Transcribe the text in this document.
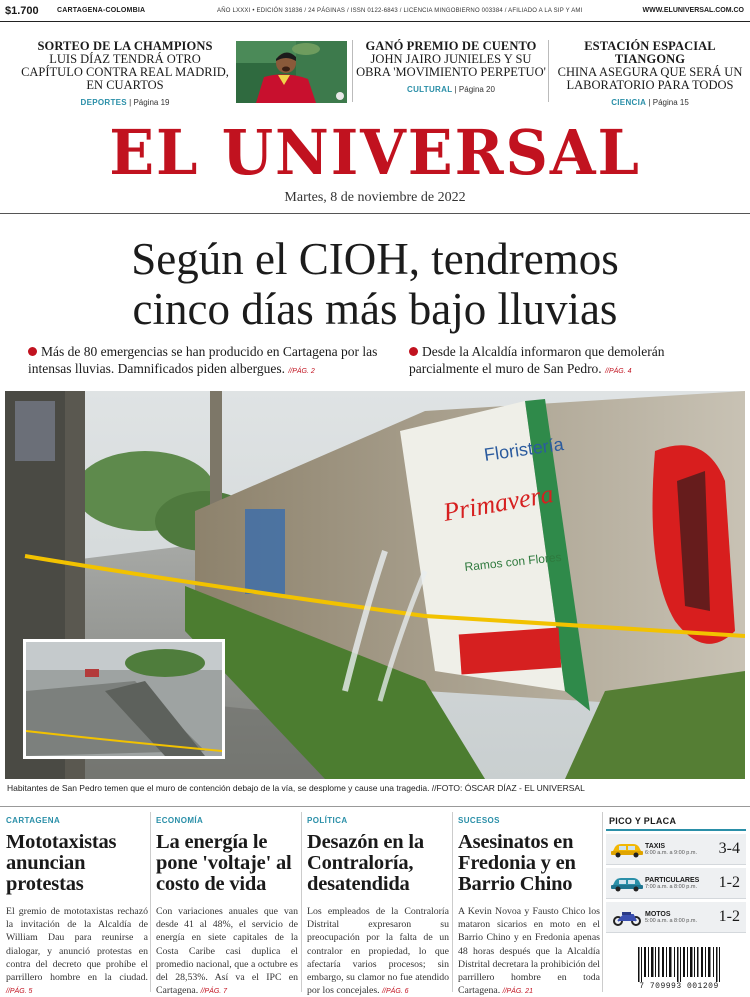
$1.700	CARTAGENA-COLOMBIA	AÑO LXXXI • EDICIÓN 31836 / 24 PÁGINAS / ISSN 0122-6843 / LICENCIA MINGOBIERNO 003384 / AFILIADO A LA SIP Y AMI	WWW.ELUNIVERSAL.COM.CO
SORTEO DE LA CHAMPIONS
LUIS DÍAZ TENDRÁ OTRO CAPÍTULO CONTRA REAL MADRID, EN CUARTOS
DEPORTES | Página 19
GANÓ PREMIO DE CUENTO
JOHN JAIRO JUNIELES Y SU OBRA 'MOVIMIENTO PERPETUO'
CULTURAL | Página 20
ESTACIÓN ESPACIAL TIANGONG
CHINA ASEGURA QUE SERÁ UN LABORATORIO PARA TODOS
CIENCIA | Página 15
EL UNIVERSAL
Martes, 8 de noviembre de 2022
Según el CIOH, tendremos
cinco días más bajo lluvias
Más de 80 emergencias se han producido en Cartagena por las intensas lluvias. Damnificados piden albergues. //PÁG. 2
Desde la Alcaldía informaron que demolerán parcialmente el muro de San Pedro. //PÁG. 4
Floristería
Primavera
Ramos con Flores
Habitantes de San Pedro temen que el muro de contención debajo de la vía, se desplome y cause una tragedia. //FOTO: ÓSCAR DÍAZ - EL UNIVERSAL
CARTAGENA
Mototaxistas anuncian protestas
El gremio de mototaxistas rechazó la invitación de la Alcaldía de William Dau para reunirse a dialogar, y anunció protestas en contra del decreto que prohíbe el parrillero hombre en la ciudad. //PÁG. 5
ECONOMÍA
La energía le pone 'voltaje' al costo de vida
Con variaciones anuales que van desde 41 al 48%, el servicio de energía en siete capitales de la Costa Caribe casi duplica el promedio nacional, que a octubre es del 28,53%. Así va el IPC en Cartagena. //PÁG. 7
POLÍTICA
Desazón en la Contraloría, desatendida
Los empleados de la Contraloría Distrital expresaron su preocupación por la falta de un contralor en propiedad, lo que afectaría varios procesos; sin embargo, su clamor no fue atendido por los concejales. //PÁG. 6
SUCESOS
Asesinatos en Fredonia y en Barrio Chino
A Kevin Novoa y Fausto Chico los mataron sicarios en moto en el Barrio Chino y en Fredonia apenas 48 horas después que la Alcaldía Distrital decretara la prohibición del parrillero hombre en toda Cartagena. //PÁG. 21
PICO Y PLACA
TAXIS
6:00 a.m. a 9:00 p.m.	3-4
PARTICULARES
7:00 a.m. a 8:00 p.m.	1-2
MOTOS
5:00 a.m. a 8:00 p.m.	1-2
7 709993 001209
